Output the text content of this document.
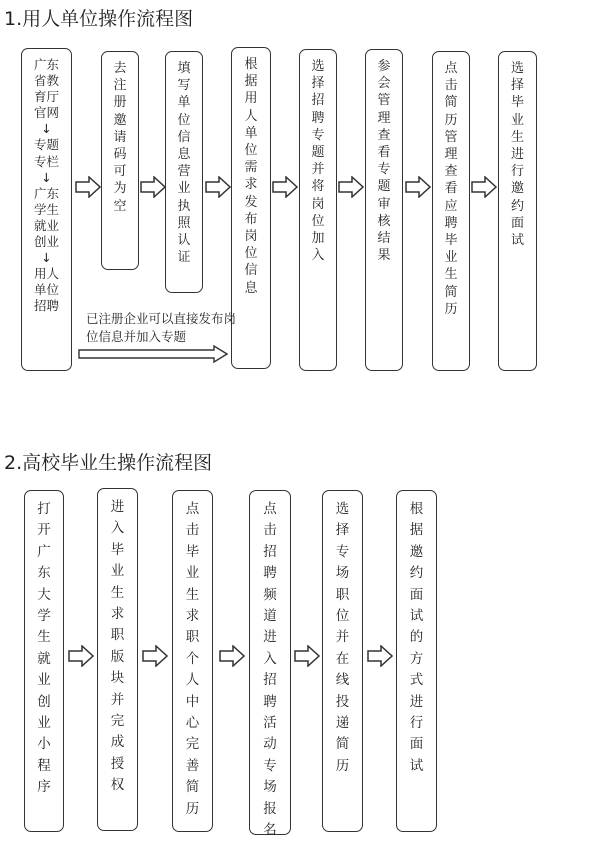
1.用人单位操作流程图
广东
省教
育厅
官网
↓
专题
专栏
↓
广东
学生
就业
创业
↓
用人
单位
招聘
去
注
册
邀
请
码
可
为
空
填
写
单
位
信
息
营
业
执
照
认
证
根
据
用
人
单
位
需
求
发
布
岗
位
信
息
选
择
招
聘
专
题
并
将
岗
位
加
入
参
会
管
理
查
看
专
题
审
核
结
果
点
击
简
历
管
理
查
看
应
聘
毕
业
生
简
历
选
择
毕
业
生
进
行
邀
约
面
试
已注册企业可以直接发布岗位信息并加入专题
2.高校毕业生操作流程图
打
开
广
东
大
学
生
就
业
创
业
小
程
序
进
入
毕
业
生
求
职
版
块
并
完
成
授
权
点
击
毕
业
生
求
职
个
人
中
心
完
善
简
历
点
击
招
聘
频
道
进
入
招
聘
活
动
专
场
报
名
选
择
专
场
职
位
并
在
线
投
递
简
历
根
据
邀
约
面
试
的
方
式
进
行
面
试
